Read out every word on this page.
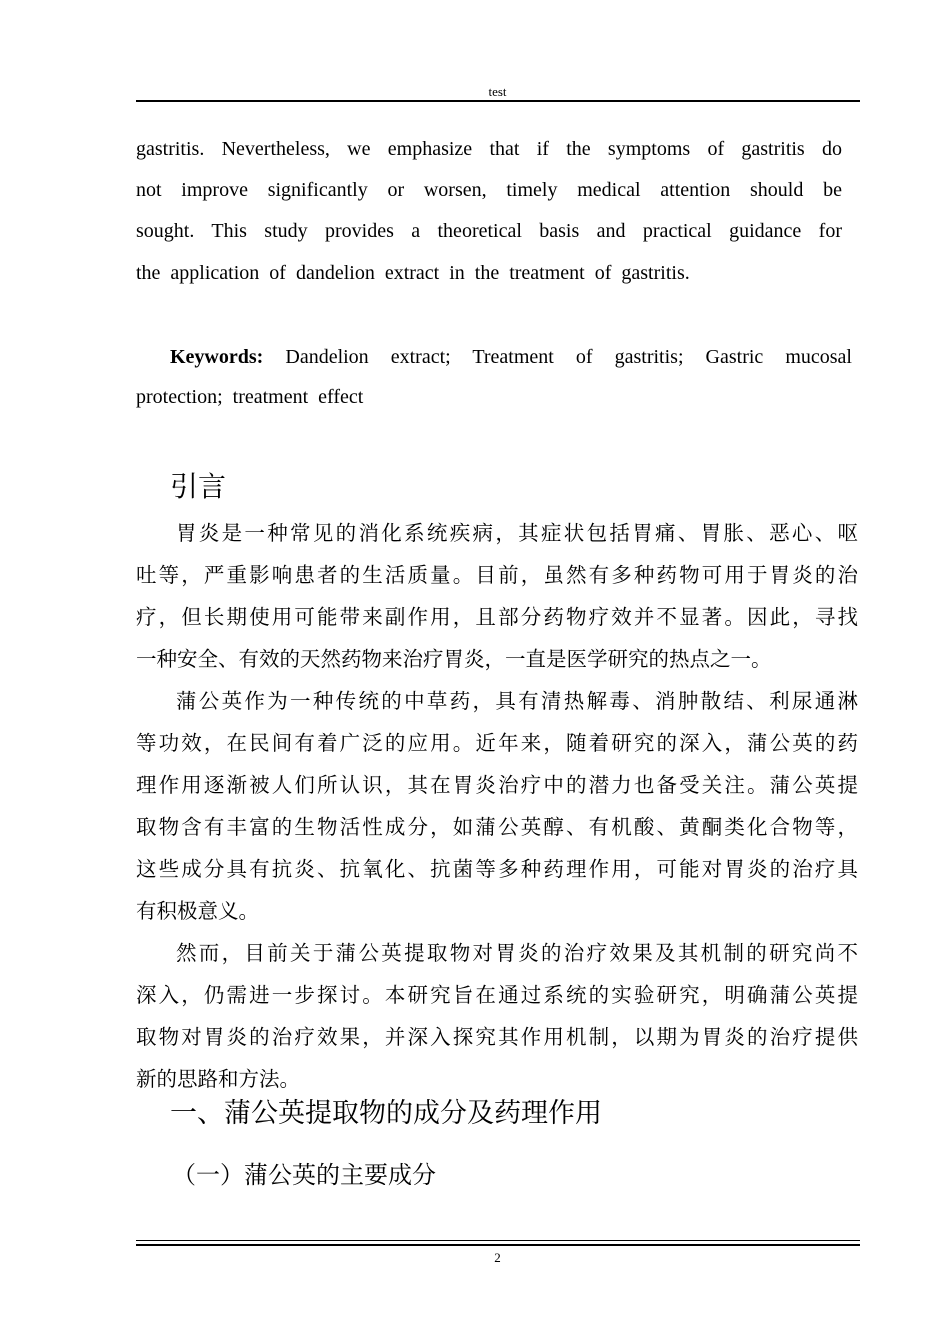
test
gastritis. Nevertheless, we emphasize that if the symptoms of gastritis do
not improve significantly or worsen, timely medical attention should be
sought. This study provides a theoretical basis and practical guidance for
the application of dandelion extract in the treatment of gastritis.
Keywords: Dandelion extract; Treatment of gastritis; Gastric mucosal
protection; treatment effect
引言
胃炎是一种常见的消化系统疾病，其症状包括胃痛、胃胀、恶心、呕
吐等，严重影响患者的生活质量。目前，虽然有多种药物可用于胃炎的治
疗，但长期使用可能带来副作用，且部分药物疗效并不显著。因此，寻找
一种安全、有效的天然药物来治疗胃炎，一直是医学研究的热点之一。
蒲公英作为一种传统的中草药，具有清热解毒、消肿散结、利尿通淋
等功效，在民间有着广泛的应用。近年来，随着研究的深入，蒲公英的药
理作用逐渐被人们所认识，其在胃炎治疗中的潜力也备受关注。蒲公英提
取物含有丰富的生物活性成分，如蒲公英醇、有机酸、黄酮类化合物等，
这些成分具有抗炎、抗氧化、抗菌等多种药理作用，可能对胃炎的治疗具
有积极意义。
然而，目前关于蒲公英提取物对胃炎的治疗效果及其机制的研究尚不
深入，仍需进一步探讨。本研究旨在通过系统的实验研究，明确蒲公英提
取物对胃炎的治疗效果，并深入探究其作用机制，以期为胃炎的治疗提供
新的思路和方法。
一、蒲公英提取物的成分及药理作用
（一）蒲公英的主要成分
2
